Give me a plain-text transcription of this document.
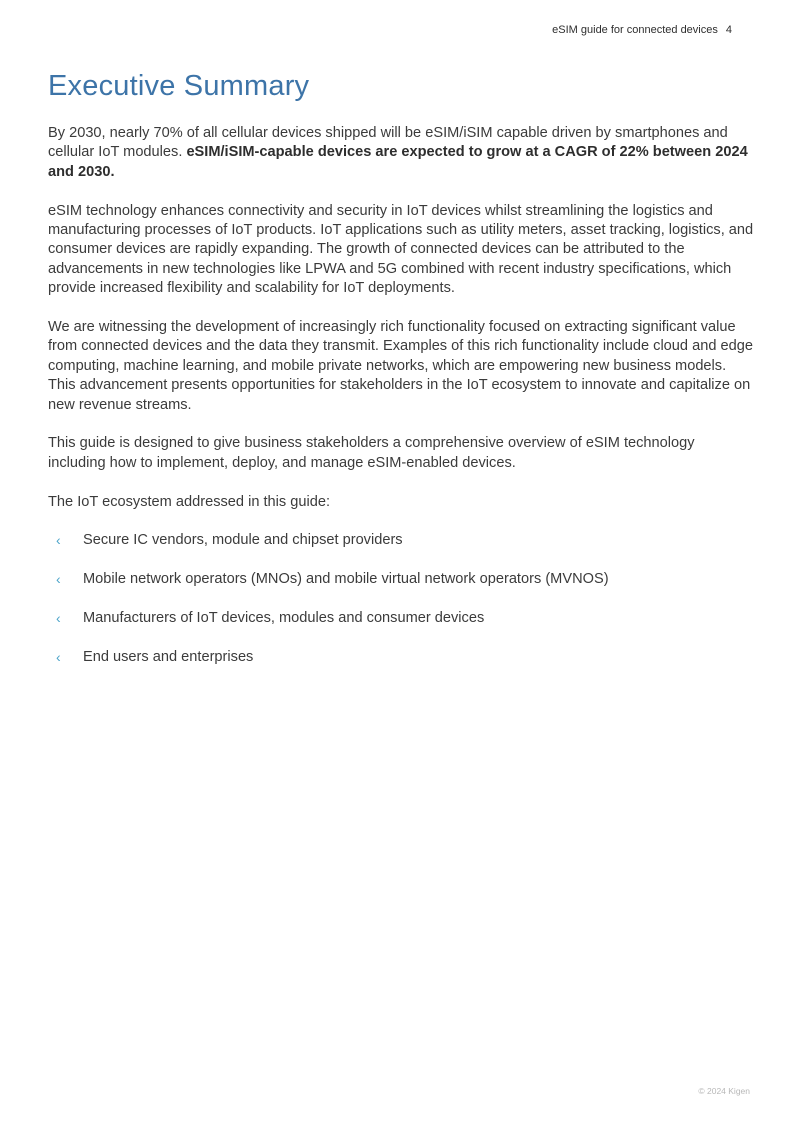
eSIM guide for connected devices 4
Executive Summary

By 2030, nearly 70% of all cellular devices shipped will be eSIM/iSIM capable driven by smartphones and cellular IoT modules. eSIM/iSIM-capable devices are expected to grow at a CAGR of 22% between 2024 and 2030.

eSIM technology enhances connectivity and security in IoT devices whilst streamlining the logistics and manufacturing processes of IoT products. IoT applications such as utility meters, asset tracking, logistics, and consumer devices are rapidly expanding. The growth of connected devices can be attributed to the advancements in new technologies like LPWA and 5G combined with recent industry specifications, which provide increased flexibility and scalability for IoT deployments.

We are witnessing the development of increasingly rich functionality focused on extracting significant value from connected devices and the data they transmit. Examples of this rich functionality include cloud and edge computing, machine learning, and mobile private networks, which are empowering new business models. This advancement presents opportunities for stakeholders in the IoT ecosystem to innovate and capitalize on new revenue streams.

This guide is designed to give business stakeholders a comprehensive overview of eSIM technology including how to implement, deploy, and manage eSIM-enabled devices.

The IoT ecosystem addressed in this guide:

‹ Secure IC vendors, module and chipset providers
‹ Mobile network operators (MNOs) and mobile virtual network operators (MVNOS)
‹ Manufacturers of IoT devices, modules and consumer devices
‹ End users and enterprises
© 2024 Kigen
